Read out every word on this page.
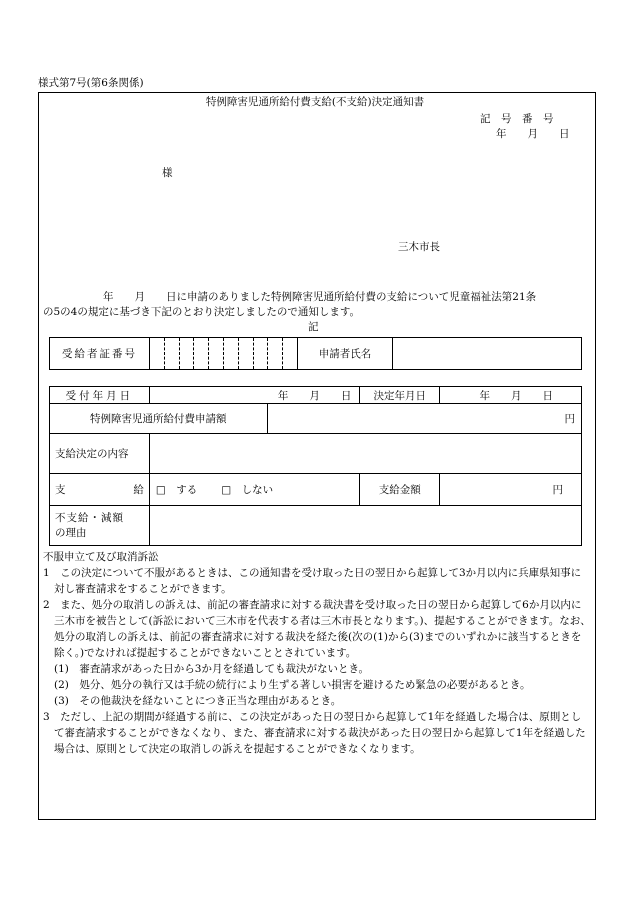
様式第7号(第6条関係)
特例障害児通所給付費支給(不支給)決定通知書
記　号　番　号
年　　月　　日
様
三木市長
年　　月　　日に申請のありました特例障害児通所給付費の支給について児童福祉法第21条
の5の4の規定に基づき下記のとおり決定しましたので通知します。
記
受給者証番号		申請者氏名	
受付年月日	年　　月　　日		決定年月日	年　　月　　日
特例障害児通所給付費申請額		円		
支給決定の内容				

支 給	□　する □　しない		支給金額	円

不支給・減額
の理由				

不服申立て及び取消訴訟

1　この決定について不服があるときは、この通知書を受け取った日の翌日から起算して3か月以内に兵庫県知事に対し審査請求をすることができます。

2　また、処分の取消しの訴えは、前記の審査請求に対する裁決書を受け取った日の翌日から起算して6か月以内に三木市を被告として(訴訟において三木市を代表する者は三木市長となります。)、提起することができます。なお、処分の取消しの訴えは、前記の審査請求に対する裁決を経た後(次の(1)から(3)までのいずれかに該当するときを除く。)でなければ提起することができないこととされています。

(1)　審査請求があった日から3か月を経過しても裁決がないとき。

(2)　処分、処分の執行又は手続の続行により生ずる著しい損害を避けるため緊急の必要があるとき。

(3)　その他裁決を経ないことにつき正当な理由があるとき。

3　ただし、上記の期間が経過する前に、この決定があった日の翌日から起算して1年を経過した場合は、原則として審査請求することができなくなり、また、審査請求に対する裁決があった日の翌日から起算して1年を経過した場合は、原則として決定の取消しの訴えを提起することができなくなります。
